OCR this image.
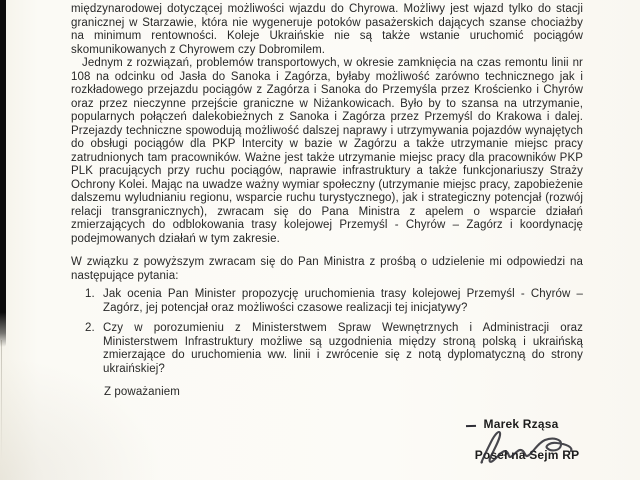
międzynarodowej dotyczącej możliwości wjazdu do Chyrowa. Możliwy jest wjazd tylko do stacji granicznej w Starzawie, która nie wygeneruje potoków pasażerskich dających szanse chociażby na minimum rentowności. Koleje Ukraińskie nie są także wstanie uruchomić pociągów skomunikowanych z Chyrowem czy Dobromilem.

Jednym z rozwiązań, problemów transportowych, w okresie zamknięcia na czas remontu linii nr 108 na odcinku od Jasła do Sanoka i Zagórza, byłaby możliwość zarówno technicznego jak i rozkładowego przejazdu pociągów z Zagórza i Sanoka do Przemyśla przez Krościenko i Chyrów oraz przez nieczynne przejście graniczne w Niżankowicach. Było by to szansa na utrzymanie, popularnych połączeń dalekobieżnych z Sanoka i Zagórza przez Przemyśl do Krakowa i dalej. Przejazdy techniczne spowodują możliwość dalszej naprawy i utrzymywania pojazdów wynajętych do obsługi pociągów dla PKP Intercity w bazie w Zagórzu a także utrzymanie miejsc pracy zatrudnionych tam pracowników. Ważne jest także utrzymanie miejsc pracy dla pracowników PKP PLK pracujących przy ruchu pociągów, naprawie infrastruktury a także funkcjonariuszy Straży Ochrony Kolei. Mając na uwadze ważny wymiar społeczny (utrzymanie miejsc pracy, zapobieżenie dalszemu wyludnianiu regionu, wsparcie ruchu turystycznego), jak i strategiczny potencjał (rozwój relacji transgranicznych), zwracam się do Pana Ministra z apelem o wsparcie działań zmierzających do odblokowania trasy kolejowej Przemyśl - Chyrów – Zagórz i koordynację podejmowanych działań w tym zakresie.

W związku z powyższym zwracam się do Pan Ministra z prośbą o udzielenie mi odpowiedzi na następujące pytania:

1. Jak ocenia Pan Minister propozycję uruchomienia trasy kolejowej Przemyśl - Chyrów – Zagórz, jej potencjał oraz możliwości czasowe realizacji tej inicjatywy?
2. Czy w porozumieniu z Ministerstwem Spraw Wewnętrznych i Administracji oraz Ministerstwem Infrastruktury możliwe są uzgodnienia między stroną polską i ukraińską zmierzające do uruchomienia ww. linii i zwrócenie się z notą dyplomatyczną do strony ukraińskiej?
Z poważaniem
Marek Rząsa
Poseł na Sejm RP
